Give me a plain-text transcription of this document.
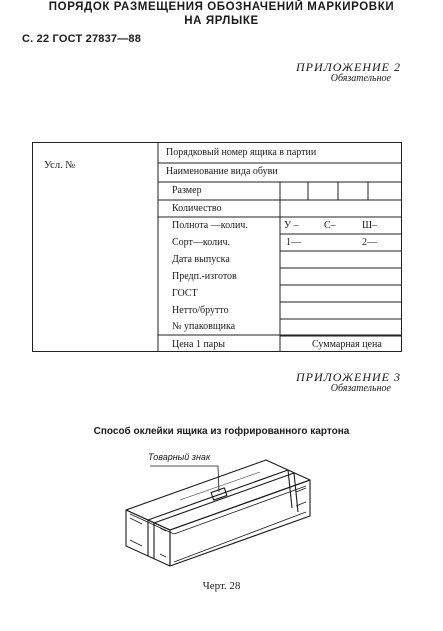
С. 22 ГОСТ 27837—88
ПРИЛОЖЕНИЕ 2
Обязательное
ПОРЯДОК РАЗМЕЩЕНИЯ ОБОЗНАЧЕНИЙ МАРКИРОВКИ
НА ЯРЛЫКЕ
Усл. №
Порядковый номер ящика в партии
Наименование вида обуви
Размер
Количество
Полнота —колич.	У –	С–	Ш–
Сорт—колич.	1—	2—
Дата выпуска
Предп.-изготов
ГОСТ
Нетто/брутто
№ упаковщика
Цена 1 пары	Суммарная цена
ПРИЛОЖЕНИЕ 3
Обязательное
Способ оклейки ящика из гофрированного картона
Товарный знак
Черт. 28
